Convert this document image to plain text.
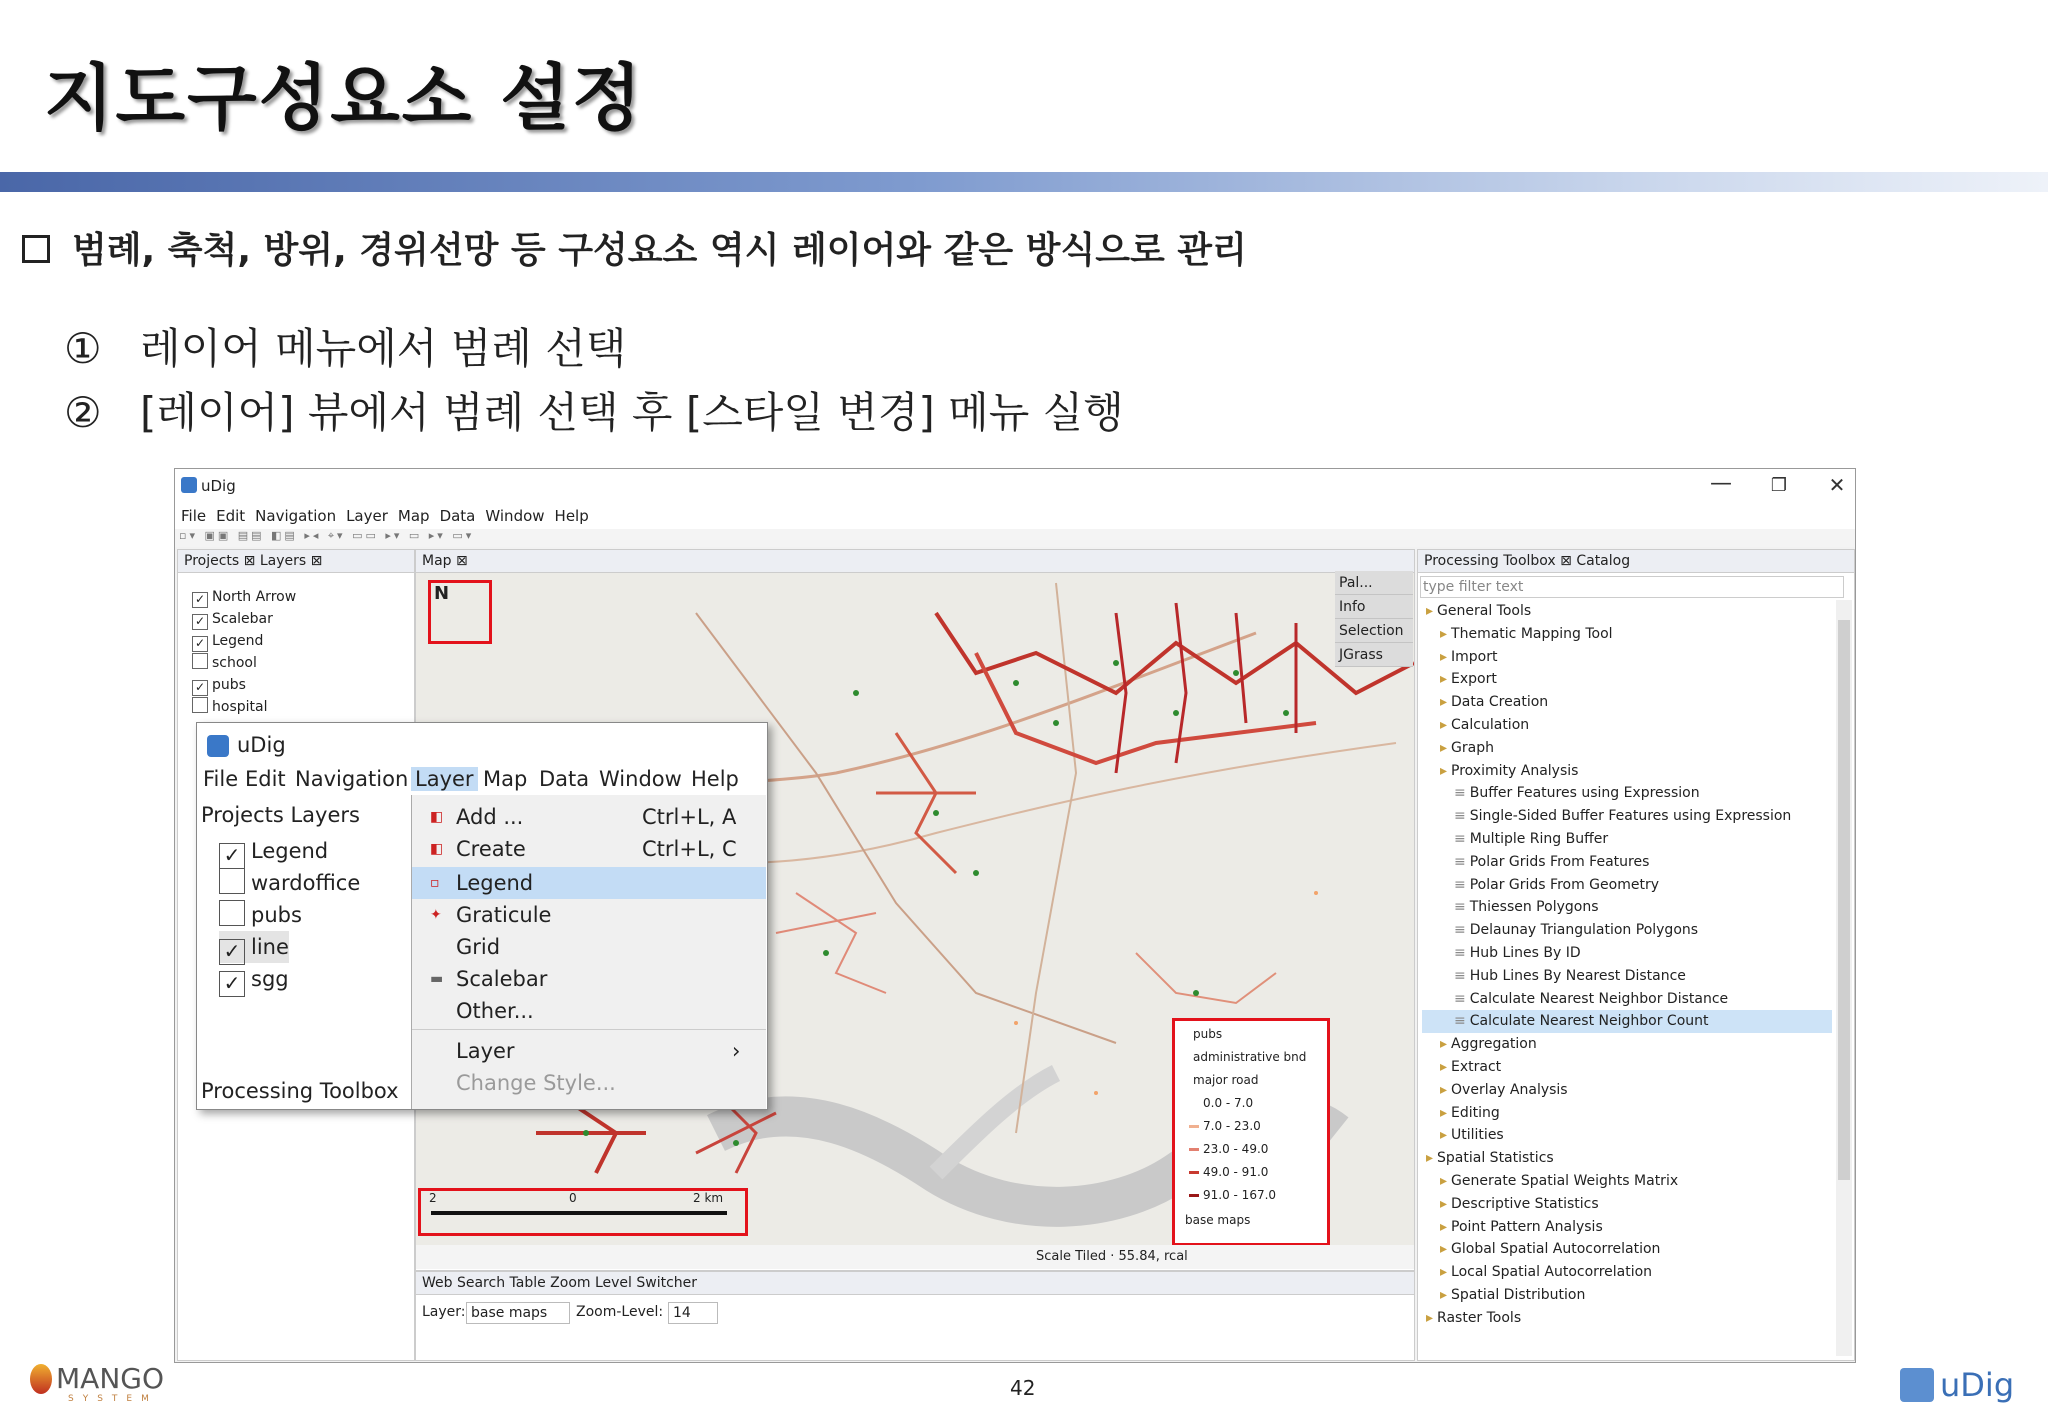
지도구성요소 설정
범례, 축척, 방위, 경위선망 등 구성요소 역시 레이어와 같은 방식으로 관리
① 레이어 메뉴에서 범례 선택
② [레이어] 뷰에서 범례 선택 후 [스타일 변경] 메뉴 실행
uDig	—	❐	✕
File Edit Navigation Layer Map Data Window Help
▫▾ ▣▣ ▤▤ ◧▤ ▸◂ ⌖▾ ▭▭ ▸▾ ▭ ▸▾ ▭▾
Projects ⊠ Layers ⊠
✓ North Arrow
✓ Scalebar
✓ Legend
school
✓ pubs
hospital
Map ⊠
N
2	0	2 km
pubs
administrative bnd
major road
0.0 - 7.0
7.0 - 23.0
23.0 - 49.0
49.0 - 91.0
91.0 - 167.0
base maps
Scale Tiled · 55.84, rcal
Pal...
Info
Selection
JGrass
Web Search Table Zoom Level Switcher
Layer: base maps	Zoom-Level: 14
Processing Toolbox ⊠ Catalog
type filter text
▸ General Tools
▸ Thematic Mapping Tool
▸ Import
▸ Export
▸ Data Creation
▸ Calculation
▸ Graph
▸ Proximity Analysis
≡ Buffer Features using Expression
≡ Single-Sided Buffer Features using Expression
≡ Multiple Ring Buffer
≡ Polar Grids From Features
≡ Polar Grids From Geometry
≡ Thiessen Polygons
≡ Delaunay Triangulation Polygons
≡ Hub Lines By ID
≡ Hub Lines By Nearest Distance
≡ Calculate Nearest Neighbor Distance
≡ Calculate Nearest Neighbor Count
▸ Aggregation
▸ Extract
▸ Overlay Analysis
▸ Editing
▸ Utilities
▸ Spatial Statistics
▸ Generate Spatial Weights Matrix
▸ Descriptive Statistics
▸ Point Pattern Analysis
▸ Global Spatial Autocorrelation
▸ Local Spatial Autocorrelation
▸ Spatial Distribution
▸ Raster Tools
uDig
File Edit Navigation Layer Map Data Window Help
Projects Layers
✓ Legend
wardoffice
pubs
✓ line
✓ sgg
Processing Toolbox
◧ Add ...	Ctrl+L, A
◧ Create	Ctrl+L, C
▫ Legend
✦ Graticule
Grid
▬ Scalebar
Other...
Layer	›
Change Style...
MANGO
SYSTEM	42	uDig
